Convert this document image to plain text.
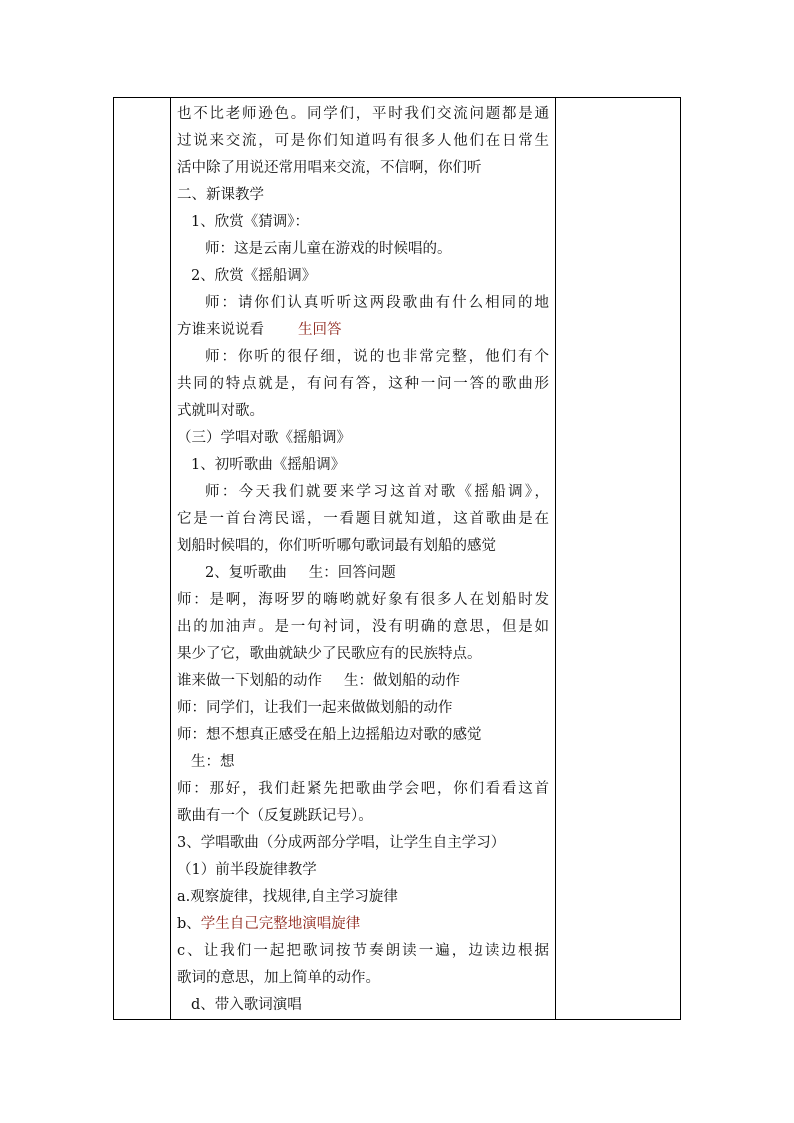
也不比老师逊色。同学们，平时我们交流问题都是通
过说来交流，可是你们知道吗有很多人他们在日常生
活中除了用说还常用唱来交流，不信啊，你们听
二、新课教学
1、欣赏《猜调》：
师：这是云南儿童在游戏的时候唱的。
2、欣赏《摇船调》
师：请你们认真听听这两段歌曲有什么相同的地
方谁来说说看 生回答
师：你听的很仔细，说的也非常完整，他们有个
共同的特点就是，有问有答，这种一问一答的歌曲形
式就叫对歌。
（三）学唱对歌《摇船调》
1、初听歌曲《摇船调》
师：今天我们就要来学习这首对歌《摇船调》，
它是一首台湾民谣，一看题目就知道，这首歌曲是在
划船时候唱的，你们听听哪句歌词最有划船的感觉
2、复听歌曲 生：回答问题
师：是啊，海呀罗的嗨哟就好象有很多人在划船时发
出的加油声。是一句衬词，没有明确的意思，但是如
果少了它，歌曲就缺少了民歌应有的民族特点。
谁来做一下划船的动作 生：做划船的动作
师：同学们，让我们一起来做做划船的动作
师：想不想真正感受在船上边摇船边对歌的感觉
生：想
师：那好，我们赶紧先把歌曲学会吧，你们看看这首
歌曲有一个（反复跳跃记号）。
3、学唱歌曲（分成两部分学唱，让学生自主学习）
（1）前半段旋律教学
a.观察旋律，找规律,自主学习旋律
b、学生自己完整地演唱旋律
c、让我们一起把歌词按节奏朗读一遍，边读边根据
歌词的意思，加上简单的动作。
d、带入歌词演唱
